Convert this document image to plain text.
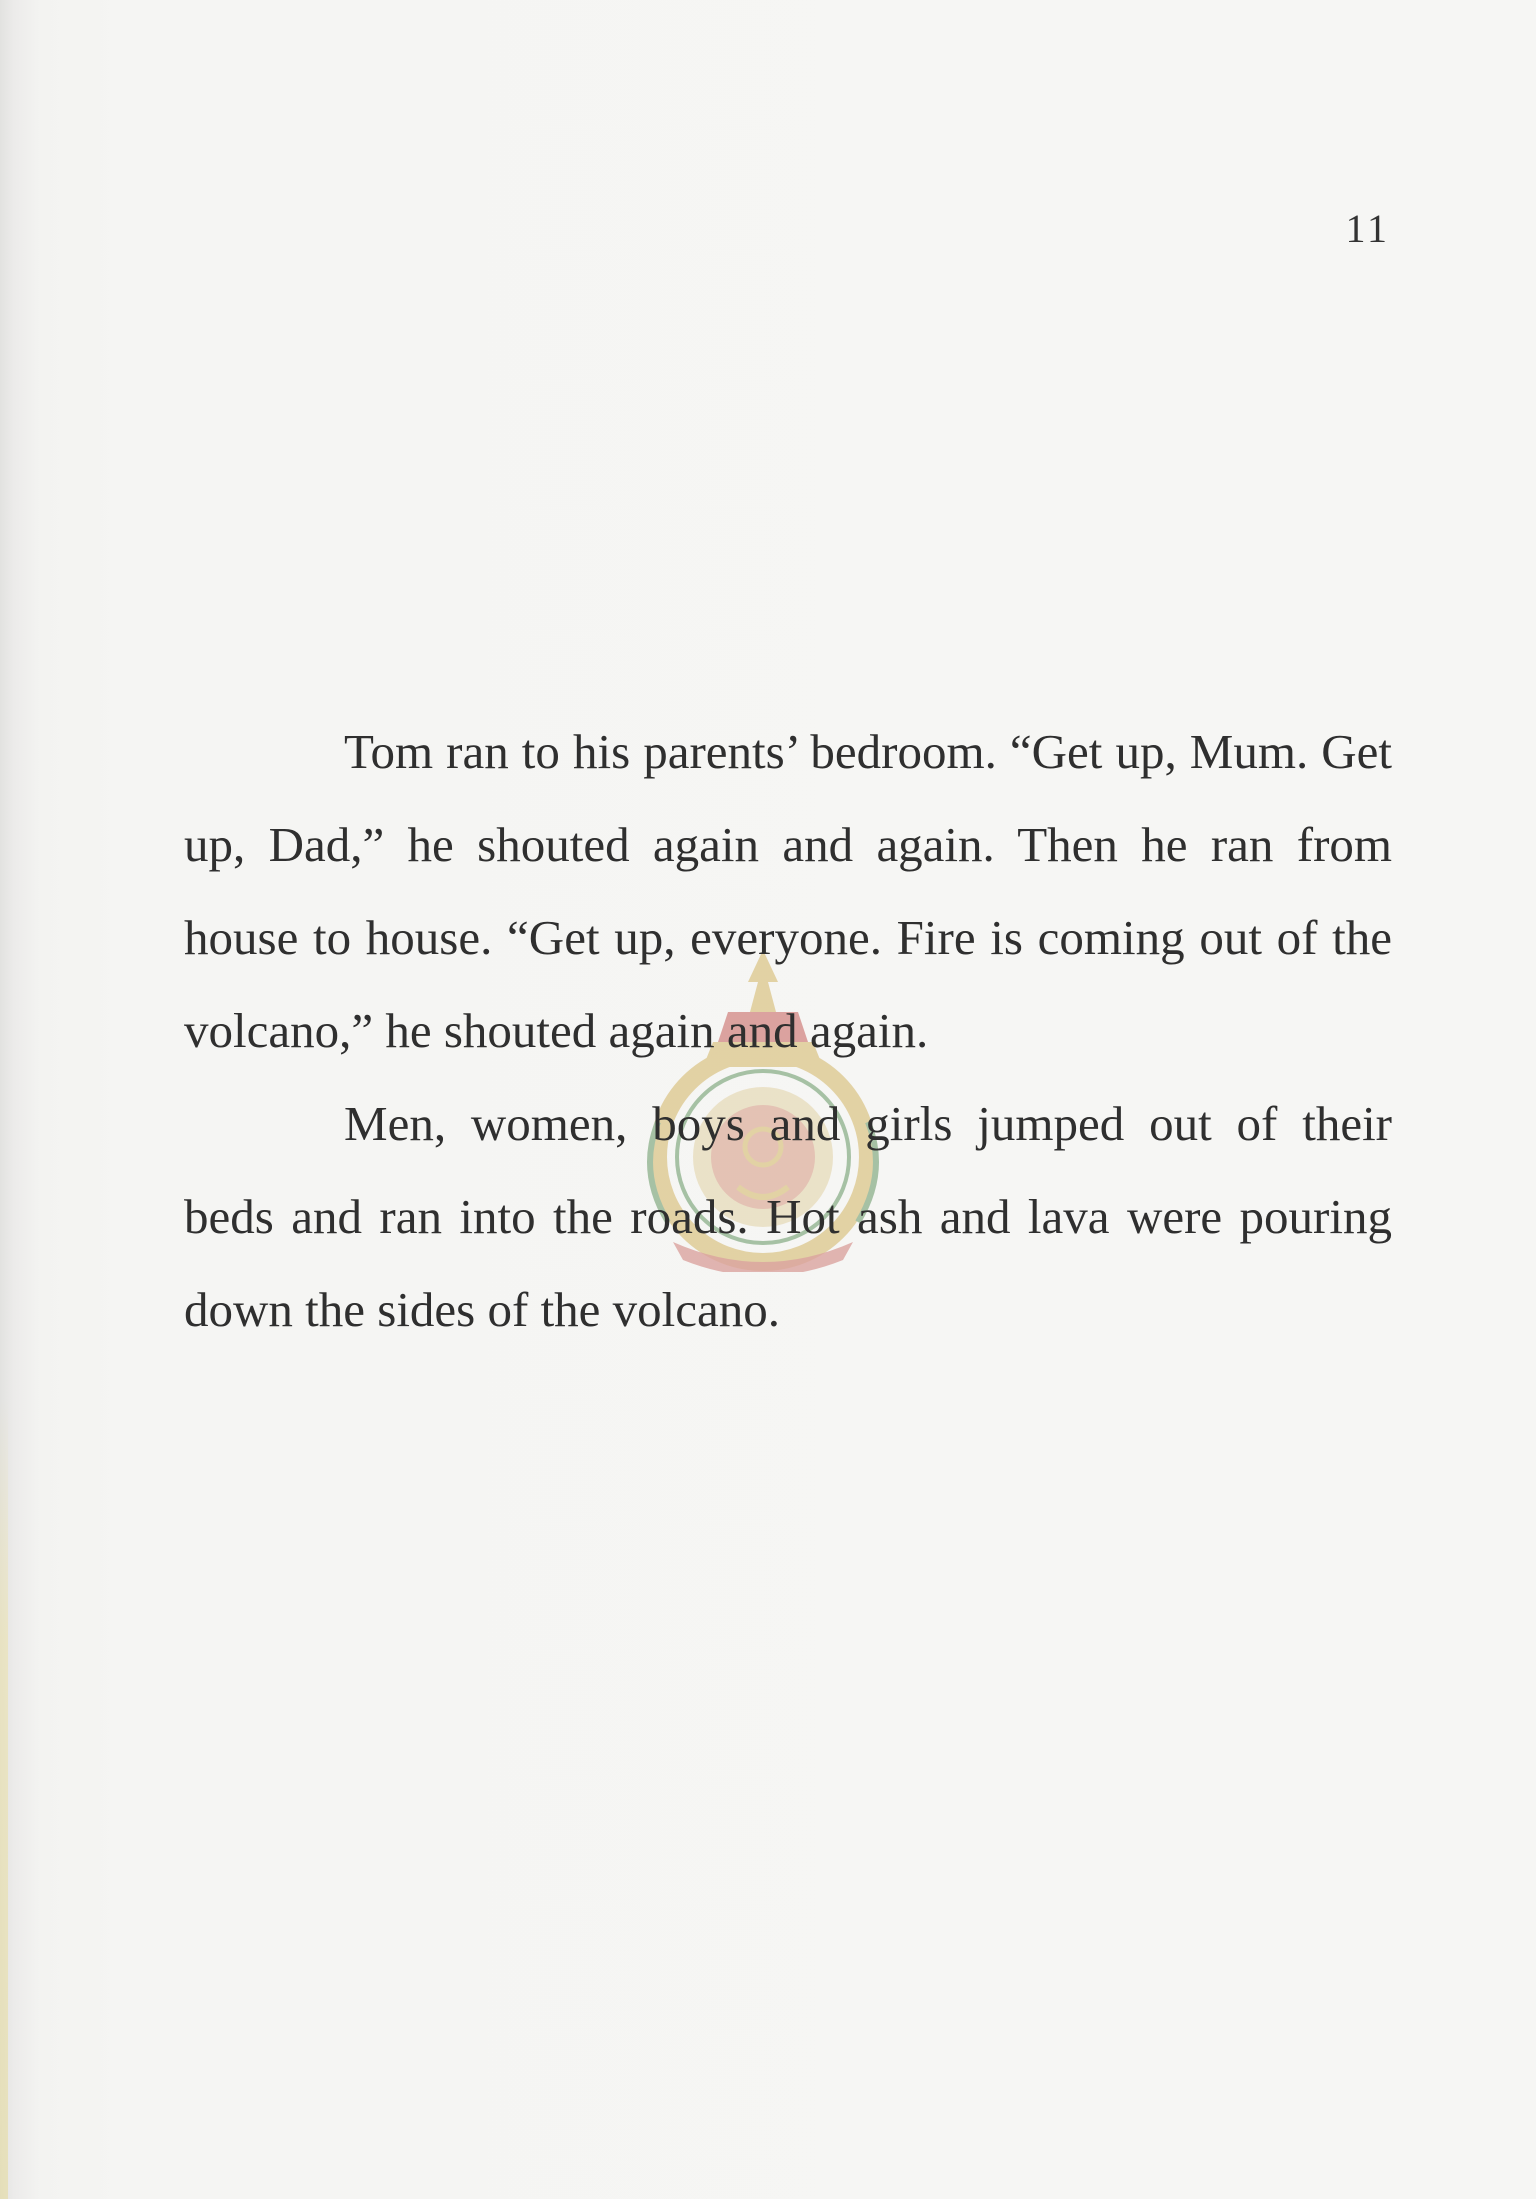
11

Tom ran to his parents’ bedroom. “Get up, Mum. Get up, Dad,” he shouted again and again. Then he ran from house to house. “Get up, everyone. Fire is coming out of the volcano,” he shouted again and again.

Men, women, boys and girls jumped out of their beds and ran into the roads. Hot ash and lava were pouring down the sides of the volcano.
